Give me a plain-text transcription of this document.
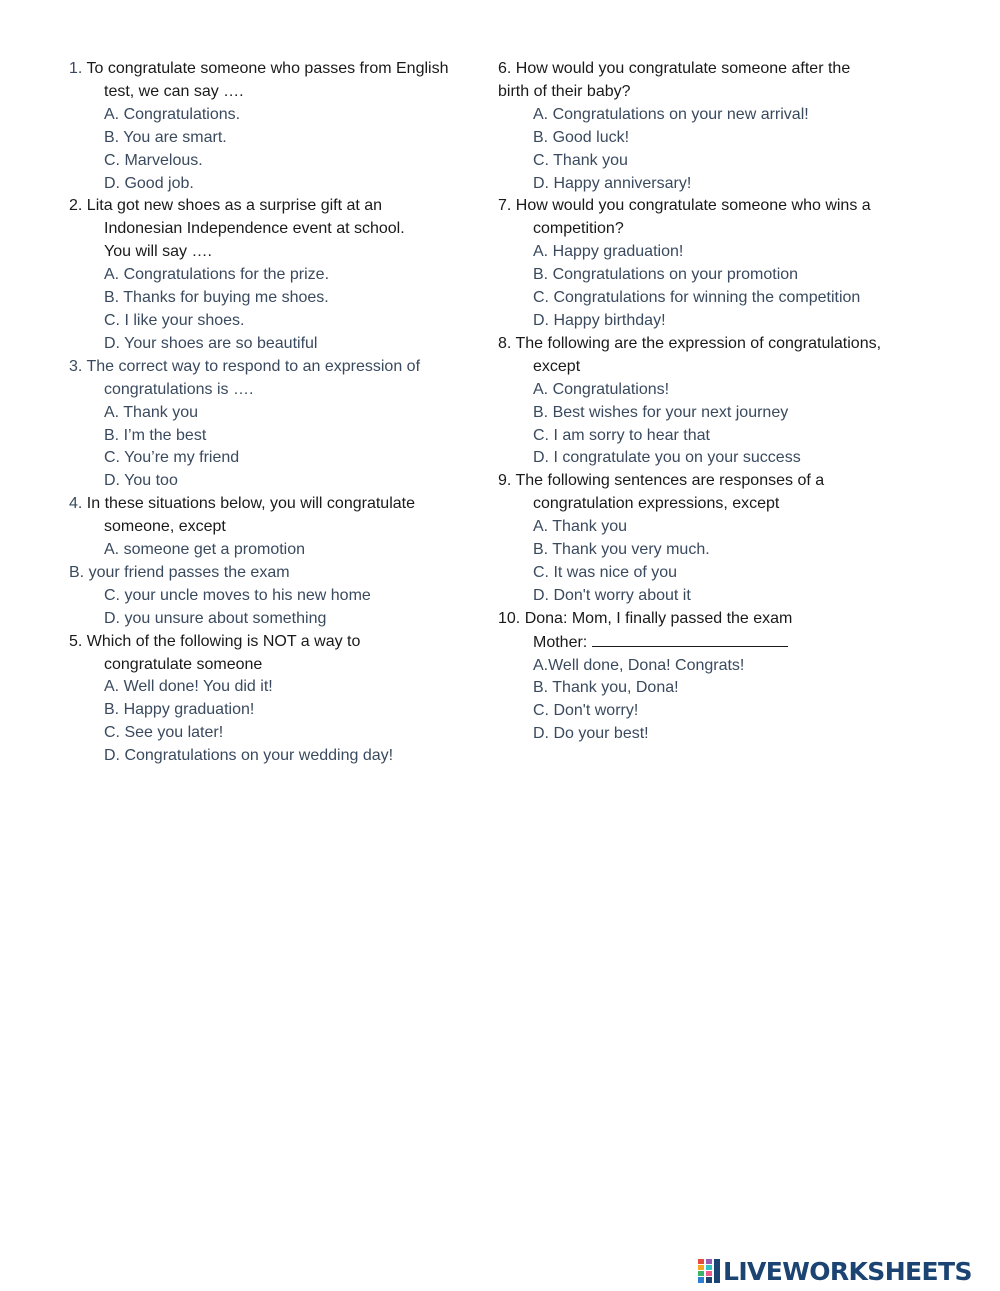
1. To congratulate someone who passes from English
test, we can say ….
A. Congratulations.
B. You are smart.
C. Marvelous.
D. Good job.
2. Lita got new shoes as a surprise gift at an
Indonesian Independence event at school.
You will say ….
A. Congratulations for the prize.
B. Thanks for buying me shoes.
C. I like your shoes.
D. Your shoes are so beautiful
3. The correct way to respond to an expression of
congratulations is ….
A. Thank you
B. I’m the best
C. You’re my friend
D. You too
4. In these situations below, you will congratulate
someone, except
A. someone get a promotion
B. your friend passes the exam
C. your uncle moves to his new home
D. you unsure about something
5. Which of the following is NOT a way to
congratulate someone
A. Well done! You did it!
B. Happy graduation!
C. See you later!
D. Congratulations on your wedding day!
6. How would you congratulate someone after the
birth of their baby?
A. Congratulations on your new arrival!
B. Good luck!
C. Thank you
D. Happy anniversary!
7. How would you congratulate someone who wins a
competition?
A. Happy graduation!
B. Congratulations on your promotion
C. Congratulations for winning the competition
D. Happy birthday!
8. The following are the expression of congratulations,
except
A. Congratulations!
B. Best wishes for your next journey
C. I am sorry to hear that
D. I congratulate you on your success
9. The following sentences are responses of a
congratulation expressions, except
A. Thank you
B. Thank you very much.
C. It was nice of you
D. Don't worry about it
10. Dona: Mom, I finally passed the exam
Mother:
A.Well done, Dona! Congrats!
B. Thank you, Dona!
C. Don't worry!
D. Do your best!
LIVEWORKSHEETS
